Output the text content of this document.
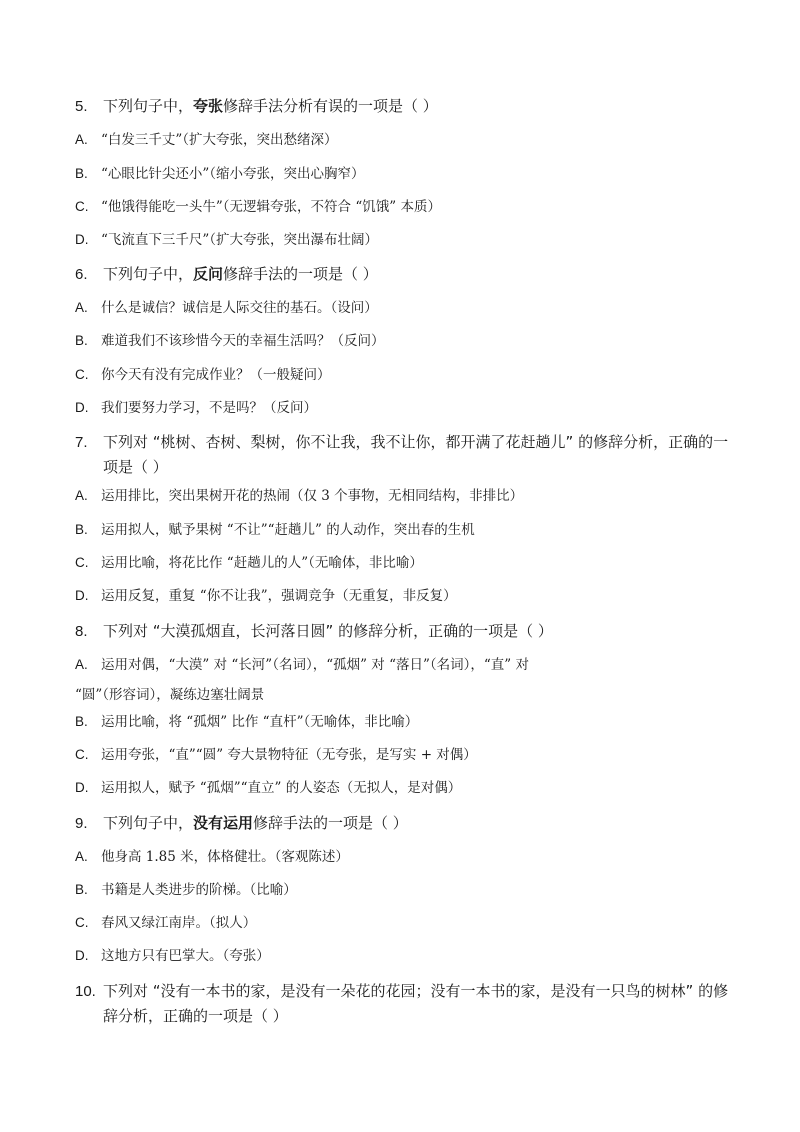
5. 下列句子中，夸张修辞手法分析有误的一项是（ ）
A. “白发三千丈”（扩大夸张，突出愁绪深）
B. “心眼比针尖还小”（缩小夸张，突出心胸窄）
C. “他饿得能吃一头牛”（无逻辑夸张，不符合 “饥饿” 本质）
D. “飞流直下三千尺”（扩大夸张，突出瀑布壮阔）
6. 下列句子中，反问修辞手法的一项是（ ）
A. 什么是诚信？诚信是人际交往的基石。（设问）
B. 难道我们不该珍惜今天的幸福生活吗？（反问）
C. 你今天有没有完成作业？（一般疑问）
D. 我们要努力学习，不是吗？（反问）
7. 下列对 “桃树、杏树、梨树，你不让我，我不让你，都开满了花赶趟儿” 的修辞分析，正确的一
项是（ ）
A. 运用排比，突出果树开花的热闹（仅 3 个事物，无相同结构，非排比）
B. 运用拟人，赋予果树 “不让”“赶趟儿” 的人动作，突出春的生机
C. 运用比喻，将花比作 “赶趟儿的人”（无喻体，非比喻）
D. 运用反复，重复 “你不让我”，强调竞争（无重复，非反复）
8. 下列对 “大漠孤烟直，长河落日圆” 的修辞分析，正确的一项是（ ）
A. 运用对偶，“大漠” 对 “长河”（名词），“孤烟” 对 “落日”（名词），“直” 对
“圆”（形容词），凝练边塞壮阔景
B. 运用比喻，将 “孤烟” 比作 “直杆”（无喻体，非比喻）
C. 运用夸张，“直”“圆” 夸大景物特征（无夸张，是写实 + 对偶）
D. 运用拟人，赋予 “孤烟”“直立” 的人姿态（无拟人，是对偶）
9. 下列句子中，没有运用修辞手法的一项是（ ）
A. 他身高 1.85 米，体格健壮。（客观陈述）
B. 书籍是人类进步的阶梯。（比喻）
C. 春风又绿江南岸。（拟人）
D. 这地方只有巴掌大。（夸张）
10. 下列对 “没有一本书的家，是没有一朵花的花园；没有一本书的家，是没有一只鸟的树林” 的修
辞分析，正确的一项是（ ）
